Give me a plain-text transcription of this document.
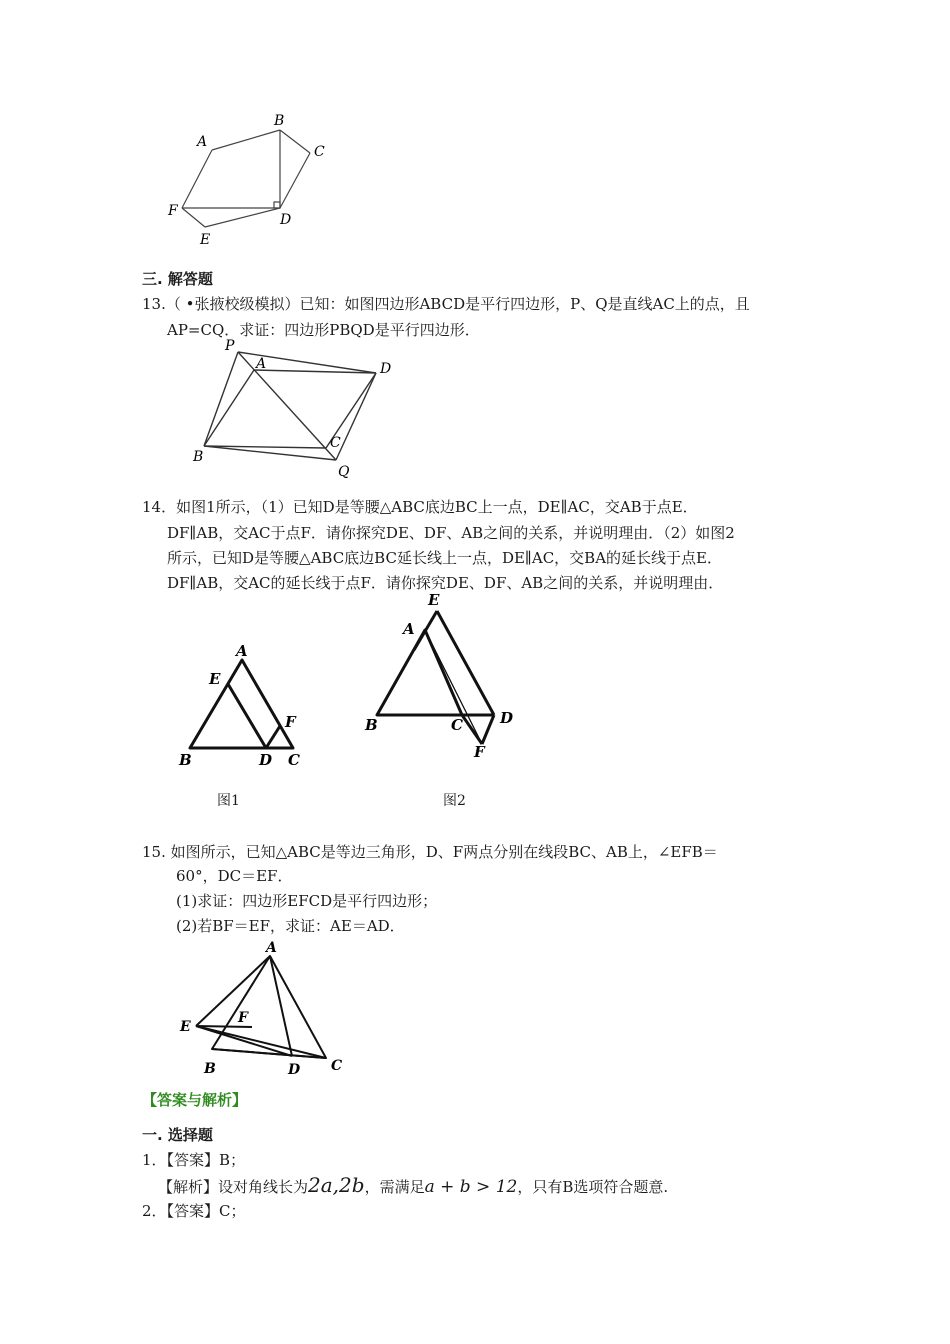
A
B
C
D
E
F
三. 解答题
13.（ •张掖校级模拟）已知：如图四边形ABCD是平行四边形，P、Q是直线AC上的点，且
AP=CQ．求证：四边形PBQD是平行四边形．
P
A	D
B
C
Q
14．如图1所示，（1）已知D是等腰△ABC底边BC上一点，DE∥AC，交AB于点E．
DF∥AB，交AC于点F．请你探究DE、DF、AB之间的关系，并说明理由．（2）如图2
所示，已知D是等腰△ABC底边BC延长线上一点，DE∥AC，交BA的延长线于点E．
DF∥AB，交AC的延长线于点F．请你探究DE、DF、AB之间的关系，并说明理由．
A
E
F
B	D C
E
A
B	C D
F
图1	图2
15. 如图所示，已知△ABC是等边三角形，D、F两点分别在线段BC、AB上，∠EFB＝
60°，DC＝EF．
(1)求证：四边形EFCD是平行四边形；
(2)若BF＝EF，求证：AE＝AD．
A
E
F
B	D C
【答案与解析】
一. 选择题
1．【答案】B；
【解析】设对角线长为2a,2b，需满足a + b > 12，只有B选项符合题意.
2．【答案】C；
